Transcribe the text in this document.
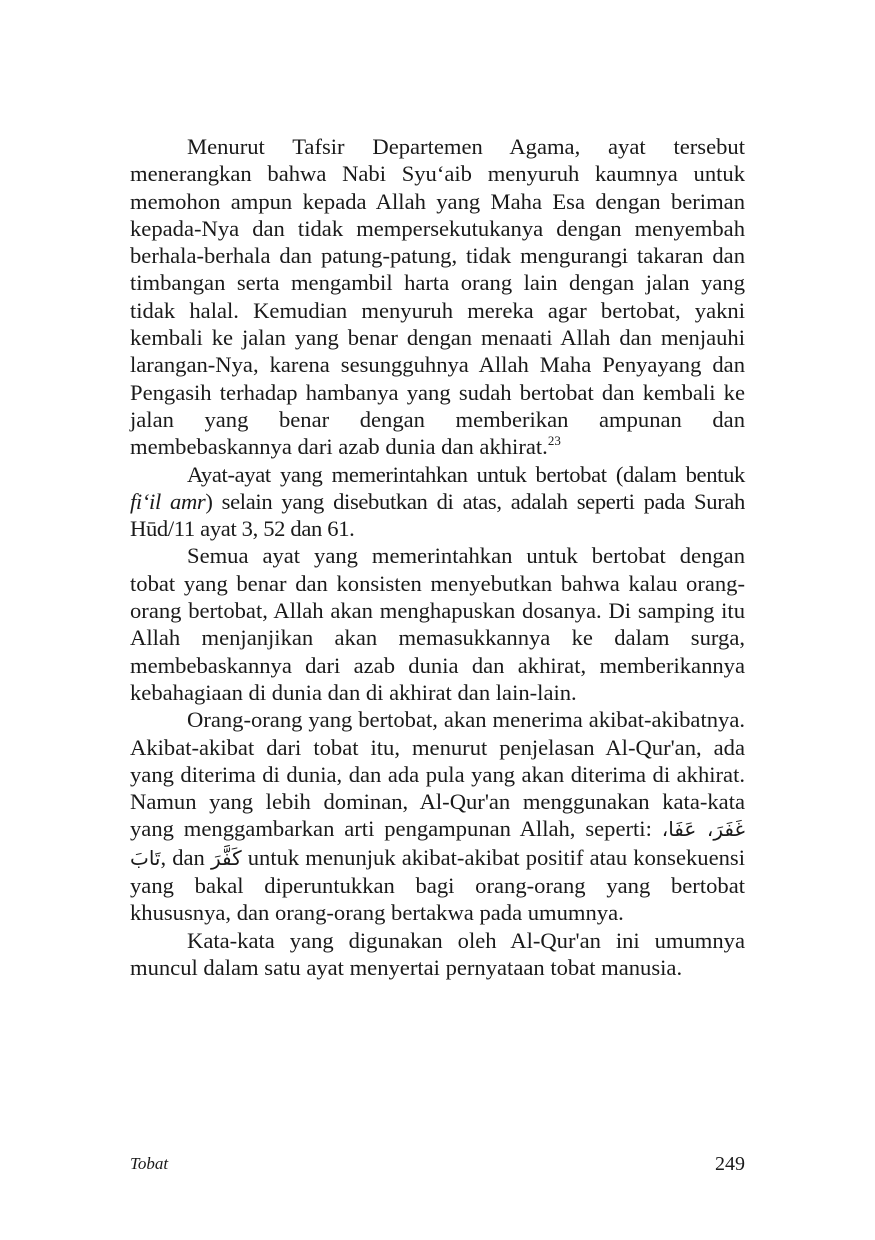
Menurut Tafsir Departemen Agama, ayat tersebut menerangkan bahwa Nabi Syu‘aib menyuruh kaumnya untuk memohon ampun kepada Allah yang Maha Esa dengan beriman kepada-Nya dan tidak mempersekutukanya dengan menyembah berhala-berhala dan patung-patung, tidak mengurangi takaran dan timbangan serta mengambil harta orang lain dengan jalan yang tidak halal. Kemudian menyuruh mereka agar bertobat, yakni kembali ke jalan yang benar dengan menaati Allah dan menjauhi larangan-Nya, karena sesungguhnya Allah Maha Penyayang dan Pengasih terhadap hambanya yang sudah bertobat dan kembali ke jalan yang benar dengan memberikan ampunan dan membebaskannya dari azab dunia dan akhirat.$^{23}$

Ayat-ayat yang memerintahkan untuk bertobat (dalam bentuk fi‘il amr) selain yang disebutkan di atas, adalah seperti pada Surah Hūd/11 ayat 3, 52 dan 61.

Semua ayat yang memerintahkan untuk bertobat dengan tobat yang benar dan konsisten menyebutkan bahwa kalau orang-orang bertobat, Allah akan menghapuskan dosanya. Di samping itu Allah menjanjikan akan memasukkannya ke dalam surga, membebaskannya dari azab dunia dan akhirat, memberikannya kebahagiaan di dunia dan di akhirat dan lain-lain.

Orang-orang yang bertobat, akan menerima akibat-akibatnya. Akibat-akibat dari tobat itu, menurut penjelasan Al-Qur'an, ada yang diterima di dunia, dan ada pula yang akan diterima di akhirat. Namun yang lebih dominan, Al-Qur'an menggunakan kata-kata yang menggambarkan arti pengampunan Allah, seperti: غَفَرَ، عَفَا، تَابَ, dan كَفَّرَ untuk menunjuk akibat-akibat positif atau konsekuensi yang bakal diperuntukkan bagi orang-orang yang bertobat khususnya, dan orang-orang bertakwa pada umumnya.

Kata-kata yang digunakan oleh Al-Qur'an ini umumnya muncul dalam satu ayat menyertai pernyataan tobat manusia.

Tobat	249
